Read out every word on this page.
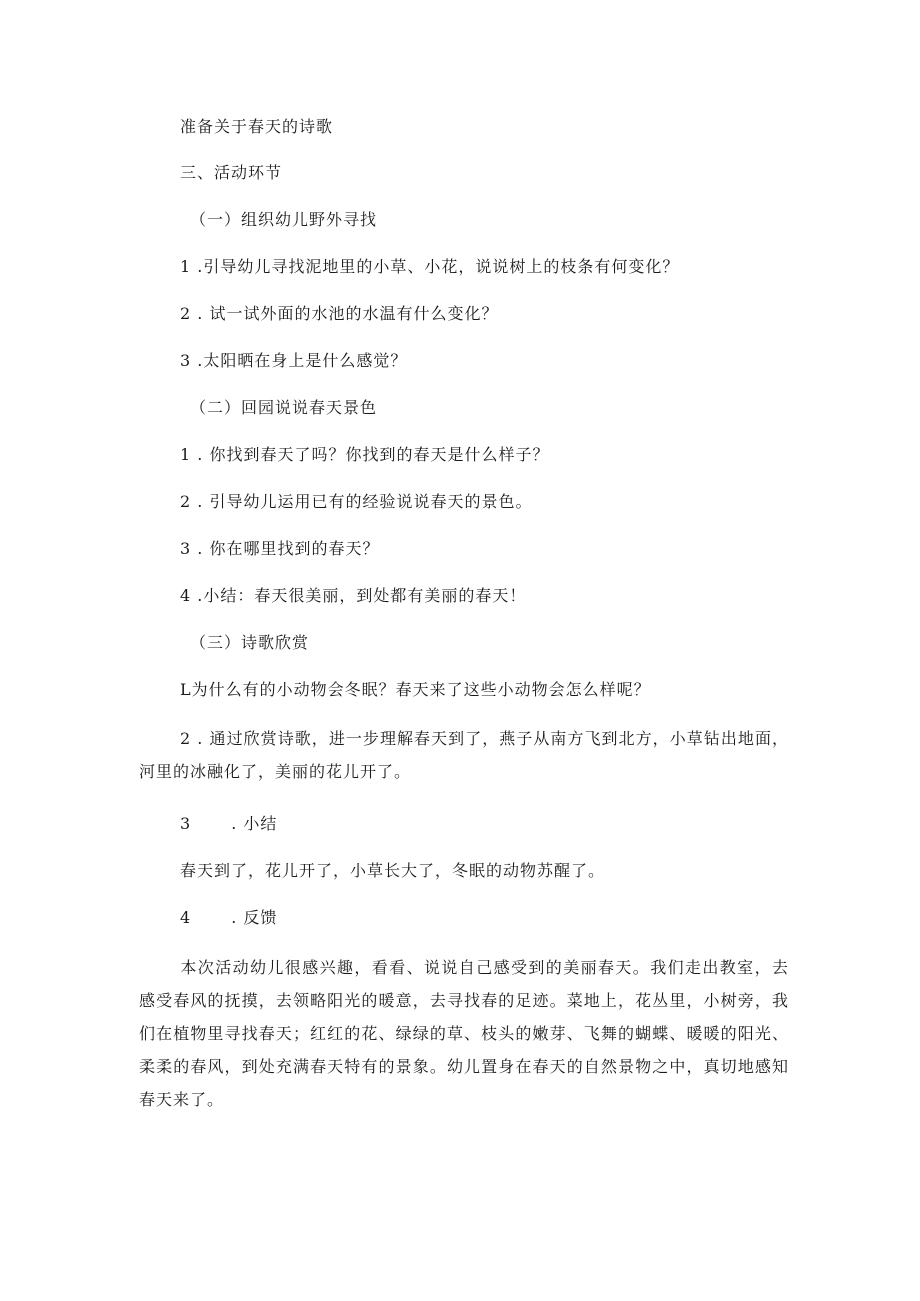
准备关于春天的诗歌
三、活动环节
（一）组织幼儿野外寻找
1 .引导幼儿寻找泥地里的小草、小花，说说树上的枝条有何变化？
2 . 试一试外面的水池的水温有什么变化？
3 .太阳晒在身上是什么感觉？
（二）回园说说春天景色
1 . 你找到春天了吗？你找到的春天是什么样子？
2 . 引导幼儿运用已有的经验说说春天的景色。
3 . 你在哪里找到的春天？
4 .小结：春天很美丽，到处都有美丽的春天！
（三）诗歌欣赏
L为什么有的小动物会冬眠？春天来了这些小动物会怎么样呢？
2 . 通过欣赏诗歌，进一步理解春天到了，燕子从南方飞到北方，小草钻出地面，河里的冰融化了，美丽的花儿开了。
3	. 小结
春天到了，花儿开了，小草长大了，冬眠的动物苏醒了。
4	. 反馈
本次活动幼儿很感兴趣，看看、说说自己感受到的美丽春天。我们走出教室，去感受春风的抚摸，去领略阳光的暖意，去寻找春的足迹。菜地上，花丛里，小树旁，我们在植物里寻找春天；红红的花、绿绿的草、枝头的嫩芽、飞舞的蝴蝶、暖暖的阳光、柔柔的春风，到处充满春天特有的景象。幼儿置身在春天的自然景物之中，真切地感知春天来了。
